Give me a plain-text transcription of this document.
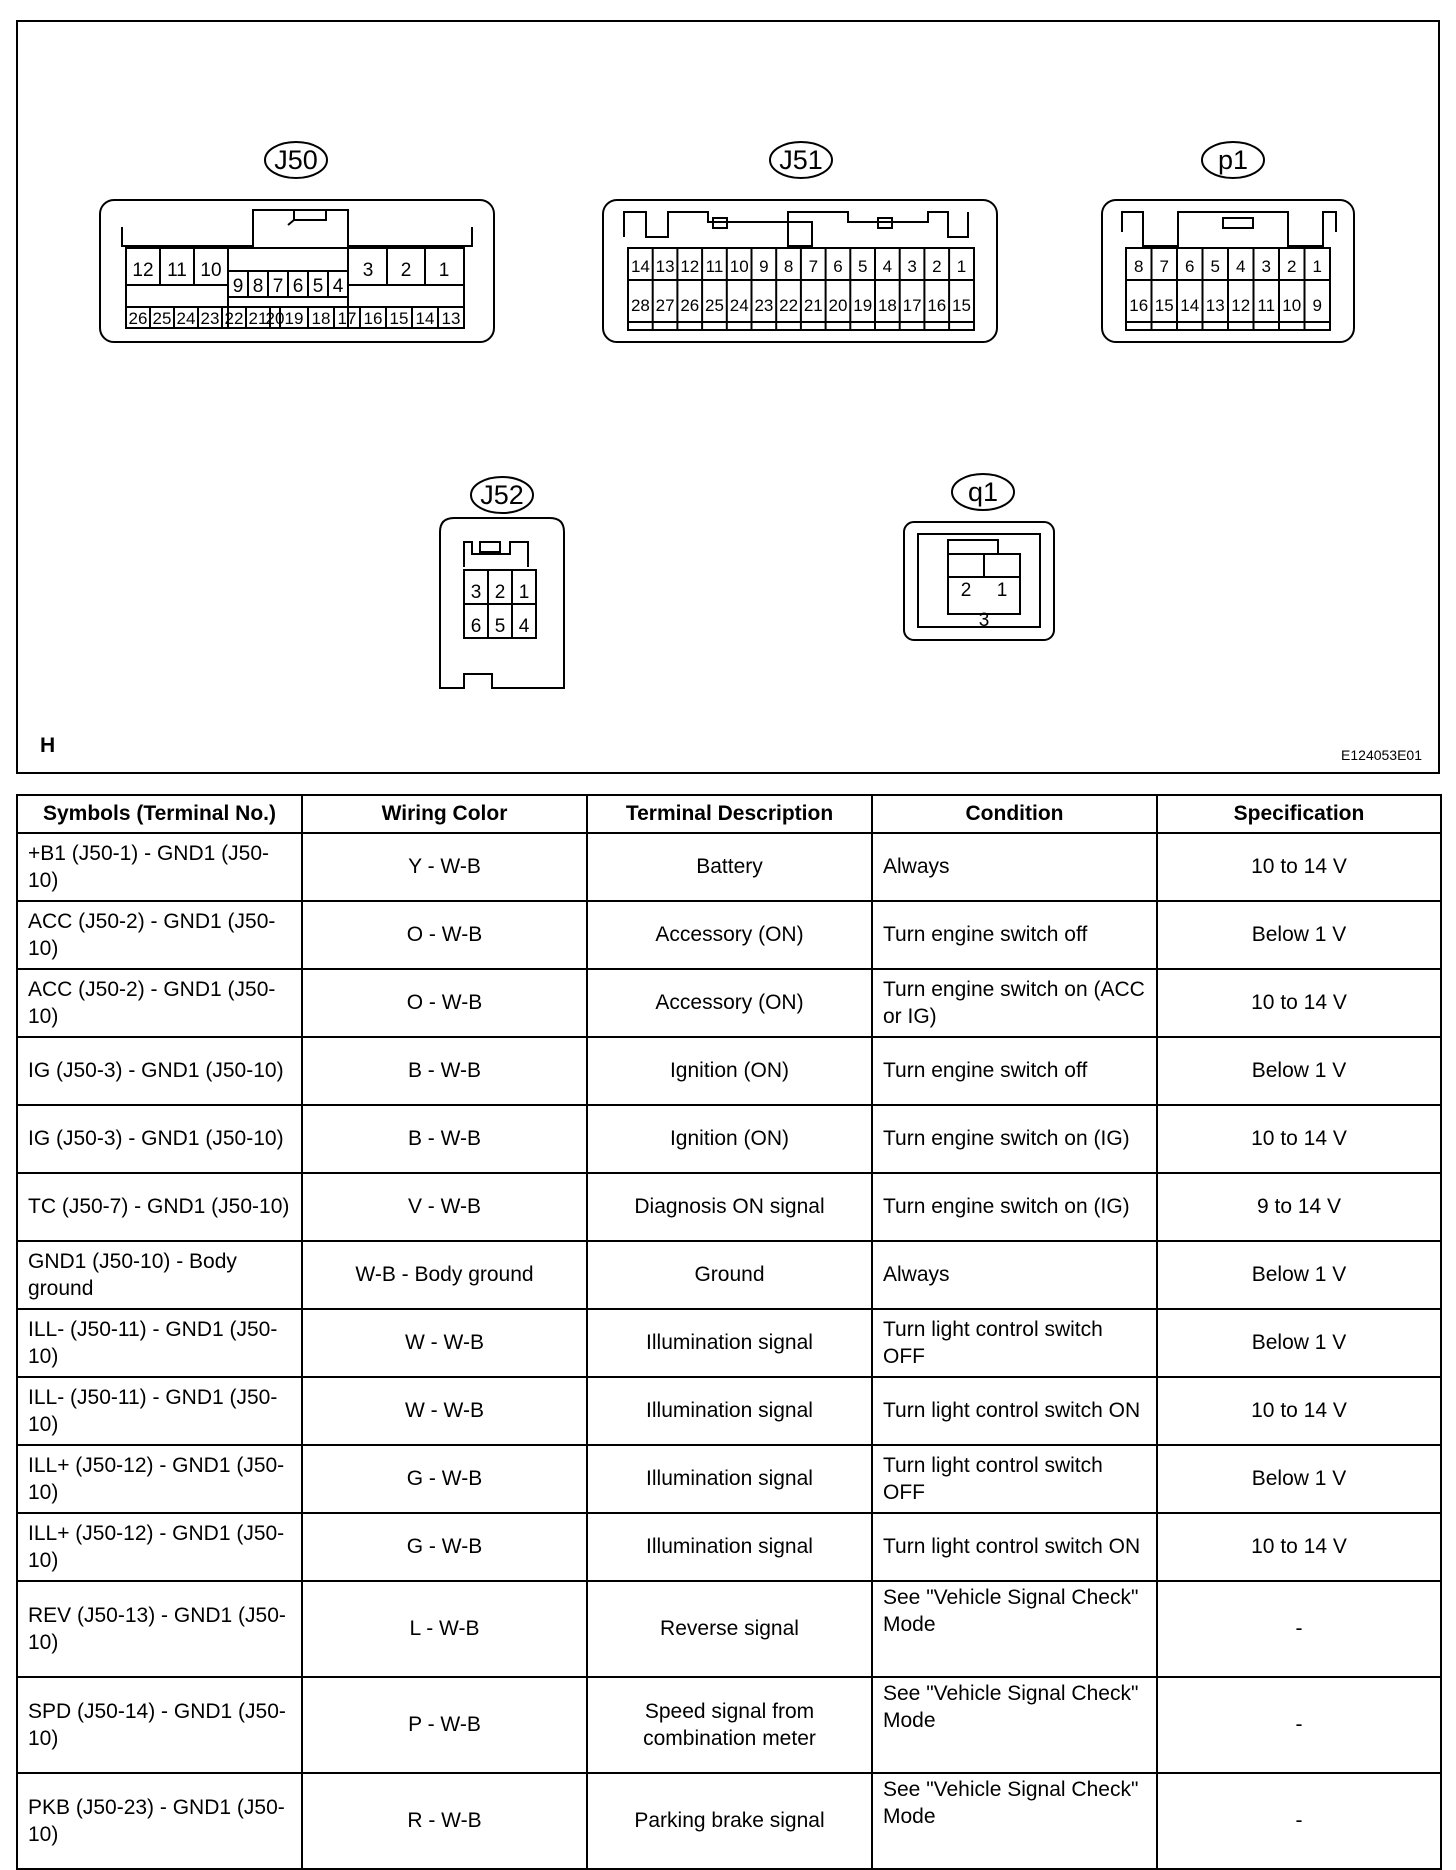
J50	J51	p1
J52	q1
12 11 10
9 8 7 6 5 4
3 2 1
26 25 24 23 22 21
20 19 18 17 16 15 14 13
14 13 12 11 10 9 8 7 6 5 4 3 2 1
28 27 26 25 24 23 22 21 20 19 18 17 16 15
8 7 6 5 4 3 2 1
16 15 14 13 12 11 10 9
3 2 1
6 5 4
2 1
3
H	E124053E01
Symbols (Terminal No.)	Wiring Color	Terminal Description	Condition	Specification
+B1 (J50-1) - GND1 (J50-10)	Y - W-B	Battery	Always	10 to 14 V
ACC (J50-2) - GND1 (J50-10)	O - W-B	Accessory (ON)	Turn engine switch off	Below 1 V
ACC (J50-2) - GND1 (J50-10)	O - W-B	Accessory (ON)	Turn engine switch on (ACC or IG)	10 to 14 V
IG (J50-3) - GND1 (J50-10)	B - W-B	Ignition (ON)	Turn engine switch off	Below 1 V
IG (J50-3) - GND1 (J50-10)	B - W-B	Ignition (ON)	Turn engine switch on (IG)	10 to 14 V
TC (J50-7) - GND1 (J50-10)	V - W-B	Diagnosis ON signal	Turn engine switch on (IG)	9 to 14 V
GND1 (J50-10) - Body ground	W-B - Body ground	Ground	Always	Below 1 V
ILL- (J50-11) - GND1 (J50-10)	W - W-B	Illumination signal	Turn light control switch OFF	Below 1 V
ILL- (J50-11) - GND1 (J50-10)	W - W-B	Illumination signal	Turn light control switch ON	10 to 14 V
ILL+ (J50-12) - GND1 (J50-10)	G - W-B	Illumination signal	Turn light control switch OFF	Below 1 V
ILL+ (J50-12) - GND1 (J50-10)	G - W-B	Illumination signal	Turn light control switch ON	10 to 14 V
REV (J50-13) - GND1 (J50-10)	L - W-B	Reverse signal	See "Vehicle Signal Check" Mode	-
SPD (J50-14) - GND1 (J50-10)	P - W-B	Speed signal from combination meter	See "Vehicle Signal Check" Mode	-
PKB (J50-23) - GND1 (J50-10)	R - W-B	Parking brake signal	See "Vehicle Signal Check" Mode	-
